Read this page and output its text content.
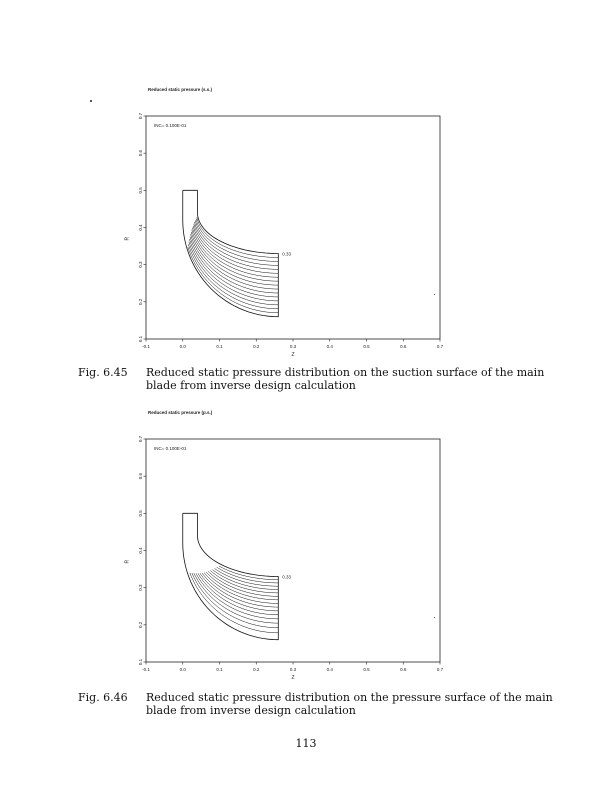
Reduced static pressure (s.s.)
-0.1	0.0	0.1	0.2	0.3	0.4	0.5	0.6	0.7
0.1
0.2
0.3
0.4
0.5
0.6
0.7
Z
R
INC= 0.100E-01
0.33
Fig. 6.45 Reduced static pressure distribution on the suction surface of the main blade from inverse design calculation
Reduced static pressure (p.s.)
-0.1	0.0	0.1	0.2	0.3	0.4	0.5	0.6	0.7
0.1
0.2
0.3
0.4
0.5
0.6
0.7
Z
R
INC= 0.100E-01
0.33
Fig. 6.46 Reduced static pressure distribution on the pressure surface of the main blade from inverse design calculation
113
